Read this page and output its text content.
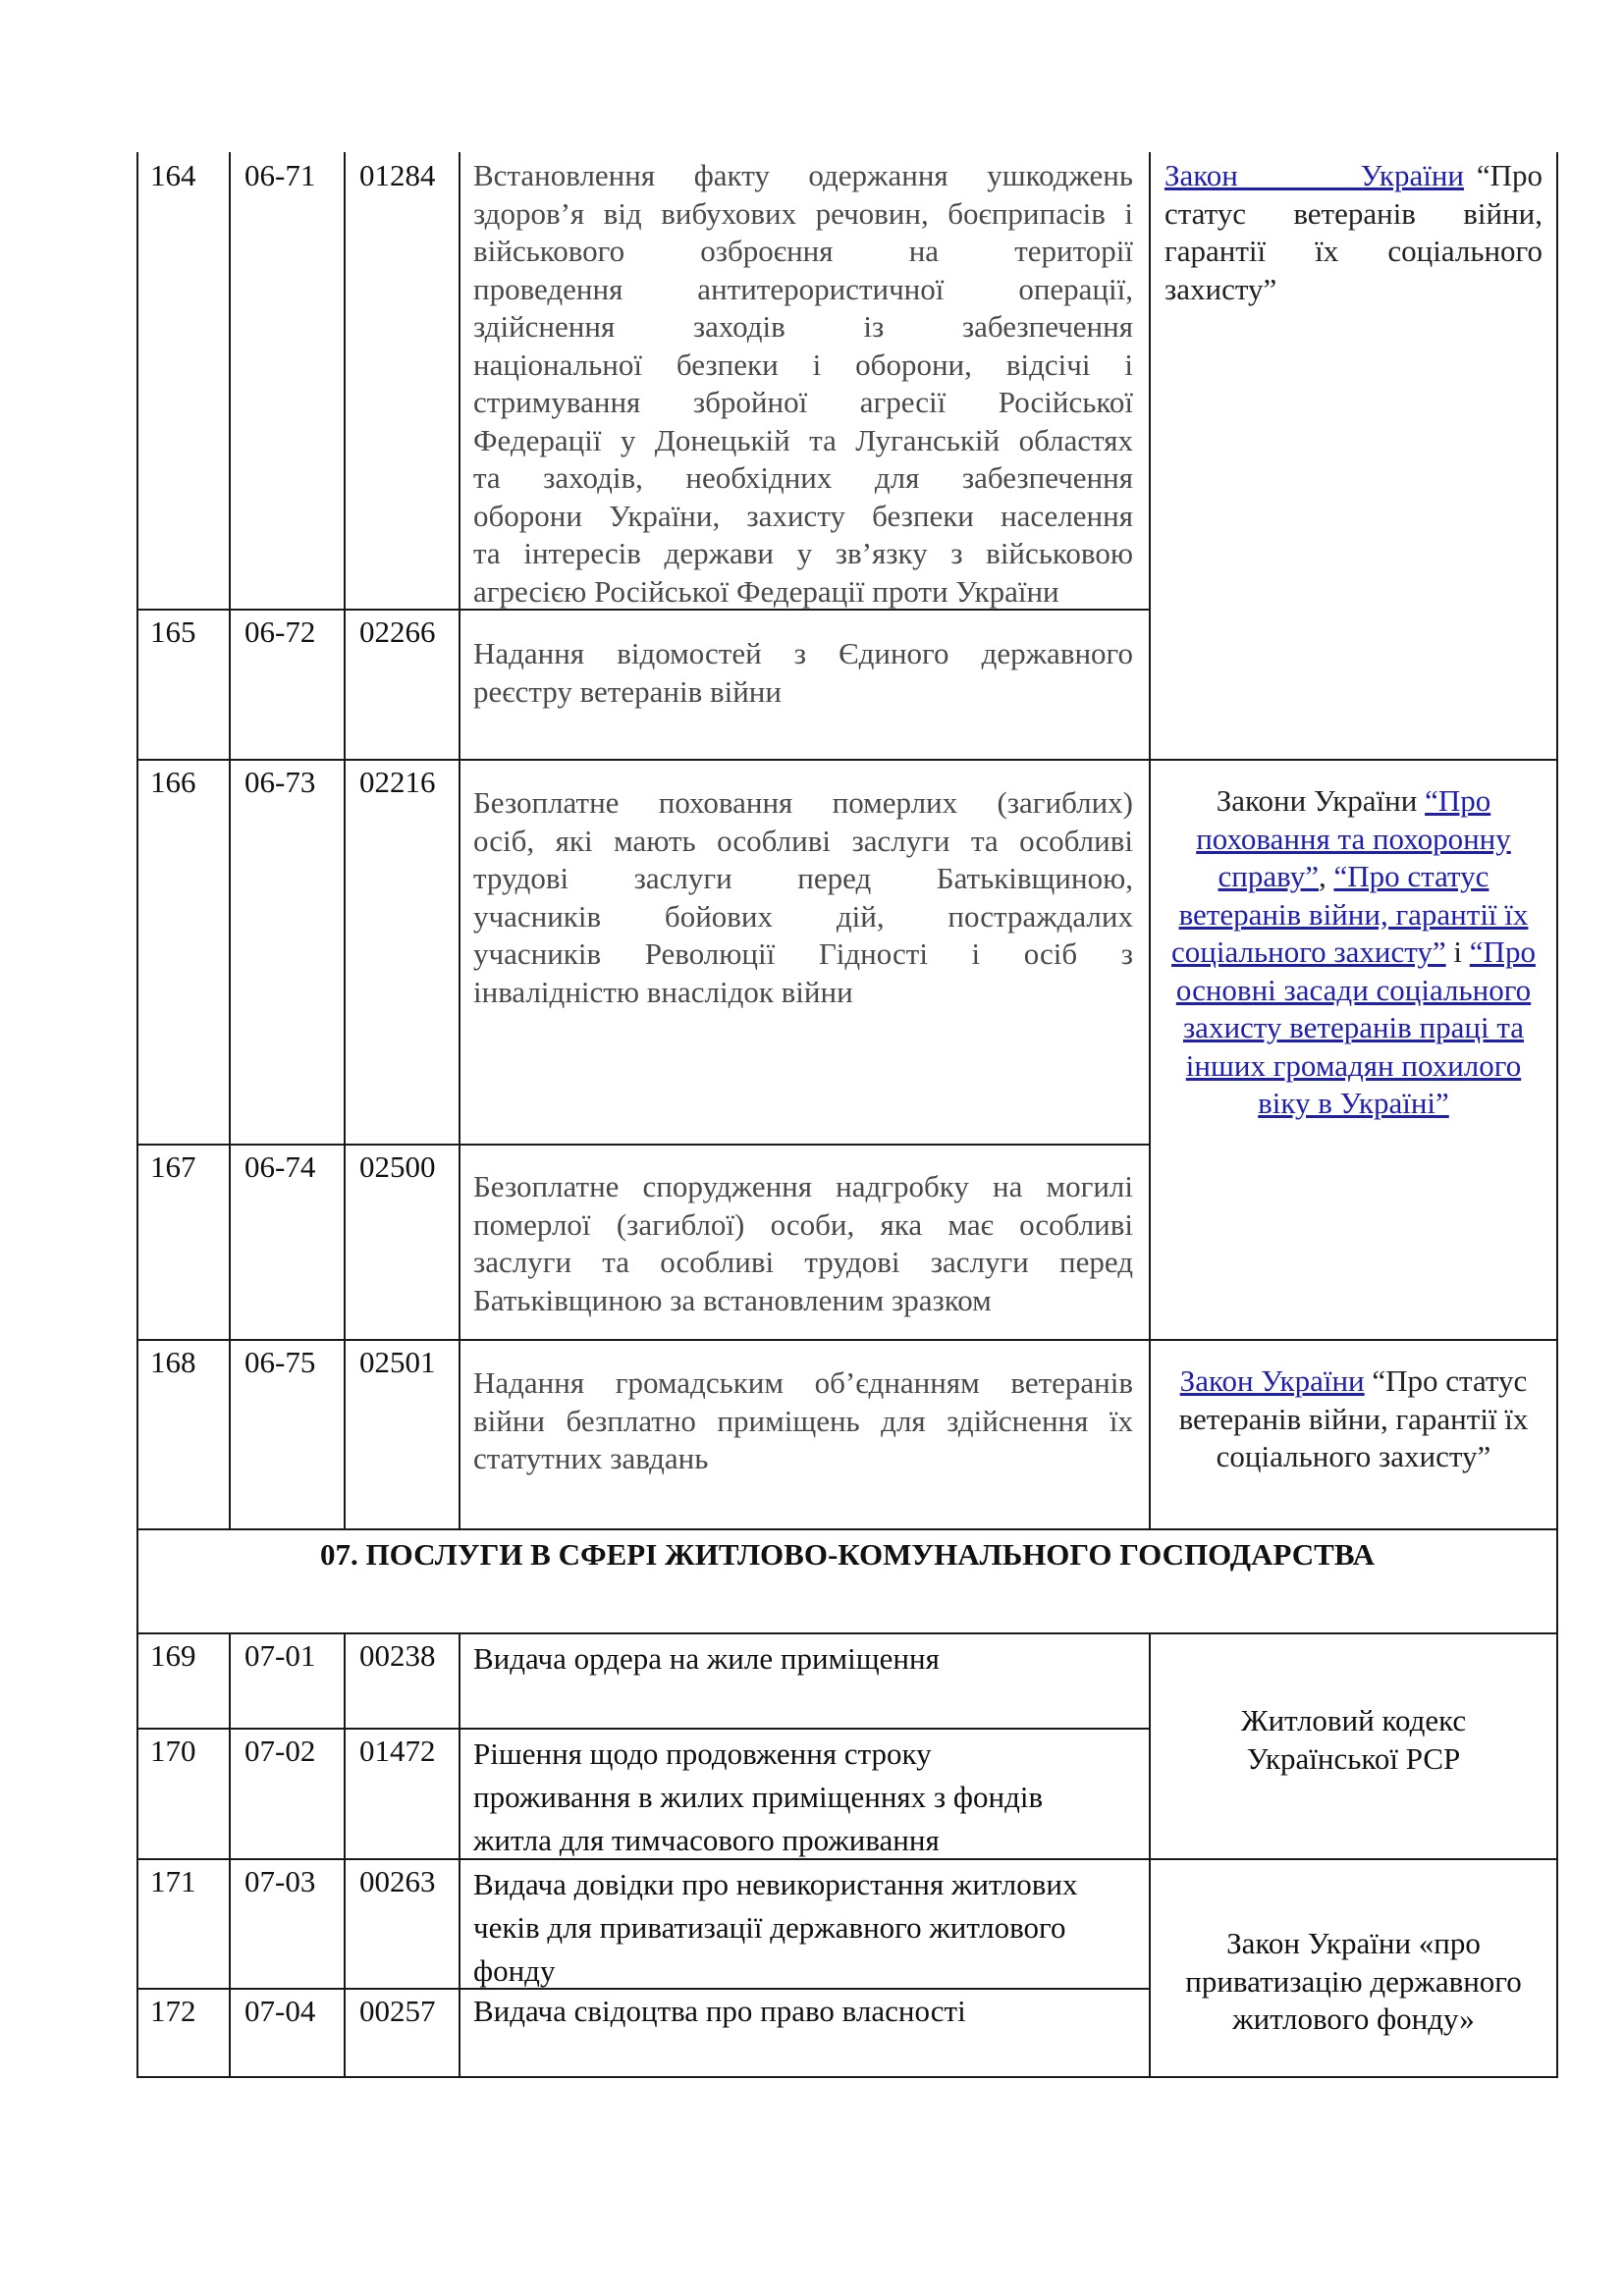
164 06-71 01284 Встановлення факту одержання ушкоджень
здоров’я від вибухових речовин, боєприпасів і
військового озброєння на території
проведення антитерористичної операції,
здійснення заходів із забезпечення
національної безпеки і оборони, відсічі і
стримування збройної агресії Російської
Федерації у Донецькій та Луганській областях
та заходів, необхідних для забезпечення
оборони України, захисту безпеки населення
та інтересів держави у зв’язку з військовою
агресією Російської Федерації проти України
Закон України “Про
статус ветеранів війни,
гарантії їх соціального
захисту”
165 06-72 02266
Надання відомостей з Єдиного державного
реєстру ветеранів війни
166 06-73 02216
Безоплатне поховання померлих (загиблих)
осіб, які мають особливі заслуги та особливі
трудові заслуги перед Батьківщиною,
учасників бойових дій, постраждалих
учасників Революції Гідності і осіб з
інвалідністю внаслідок війни
Закони України “Про поховання та похоронну справу”, “Про статус ветеранів війни, гарантії їх соціального захисту” і “Про основні засади соціального захисту ветеранів праці та інших громадян похилого віку в Україні”
167 06-74 02500
Безоплатне спорудження надгробку на могилі
померлої (загиблої) особи, яка має особливі
заслуги та особливі трудові заслуги перед
Батьківщиною за встановленим зразком
168 06-75 02501
Надання громадським об’єднанням ветеранів
війни безплатно приміщень для здійснення їх
статутних завдань
Закон України “Про статус ветеранів війни, гарантії їх соціального захисту”
07. ПОСЛУГИ В СФЕРІ ЖИТЛОВО-КОМУНАЛЬНОГО ГОСПОДАРСТВА
169 07-01 00238 Видача ордера на жиле приміщення
Житловий кодекс Української РСР
170 07-02 01472 Рішення щодо продовження строку
проживання в жилих приміщеннях з фондів
житла для тимчасового проживання
171 07-03 00263 Видача довідки про невикористання житлових
чеків для приватизації державного житлового
фонду
Закон України «про приватизацію державного житлового фонду»
172 07-04 00257 Видача свідоцтва про право власності
